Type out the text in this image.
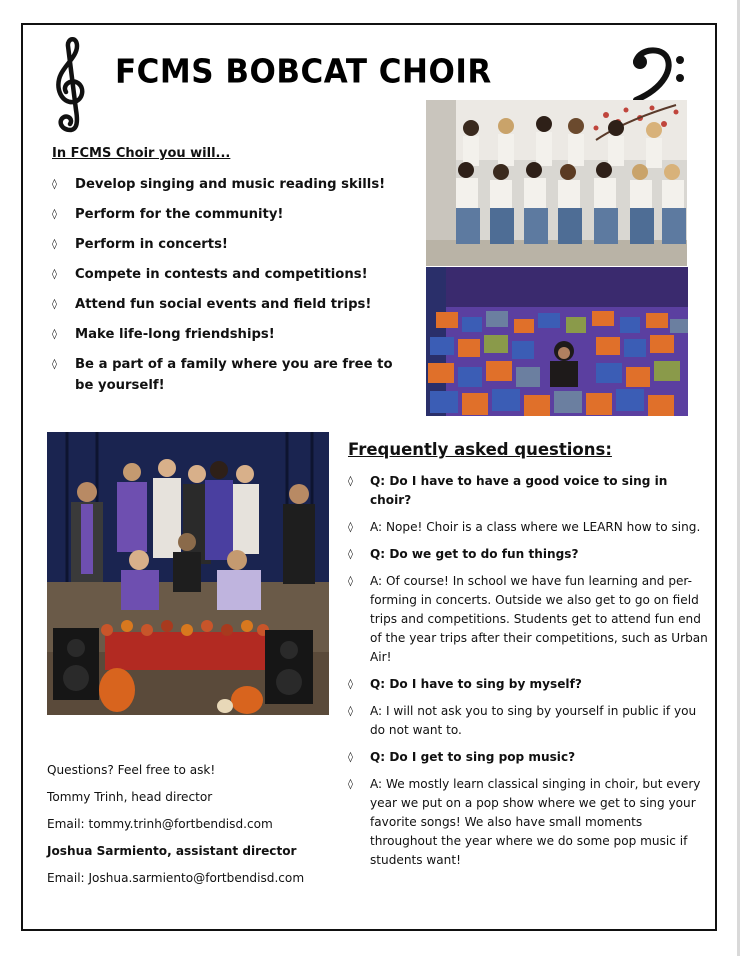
FCMS BOBCAT CHOIR
In FCMS Choir you will...
◊ Develop singing and music reading skills!
◊ Perform for the community!
◊ Perform in concerts!
◊ Compete in contests and competitions!
◊ Attend fun social events and field trips!
◊ Make life-long friendships!
◊ Be a part of a family where you are free to be yourself!
Frequently asked questions:
◊ Q: Do I have to have a good voice to sing in choir?
◊ A: Nope! Choir is a class where we LEARN how to sing.
◊ Q: Do we get to do fun things?
◊ A: Of course! In school we have fun learning and per-forming in concerts. Outside we also get to go on field trips and competitions. Students get to attend fun end of the year trips after their competitions, such as Urban Air!
◊ Q: Do I have to sing by myself?
◊ A: I will not ask you to sing by yourself in public if you do not want to.
◊ Q: Do I get to sing pop music?
◊ A: We mostly learn classical singing in choir, but every year we put on a pop show where we get to sing your favorite songs! We also have small moments throughout the year where we do some pop music if students want!
Questions? Feel free to ask!
Tommy Trinh, head director
Email: tommy.trinh@fortbendisd.com
Joshua Sarmiento, assistant director
Email: Joshua.sarmiento@fortbendisd.com
